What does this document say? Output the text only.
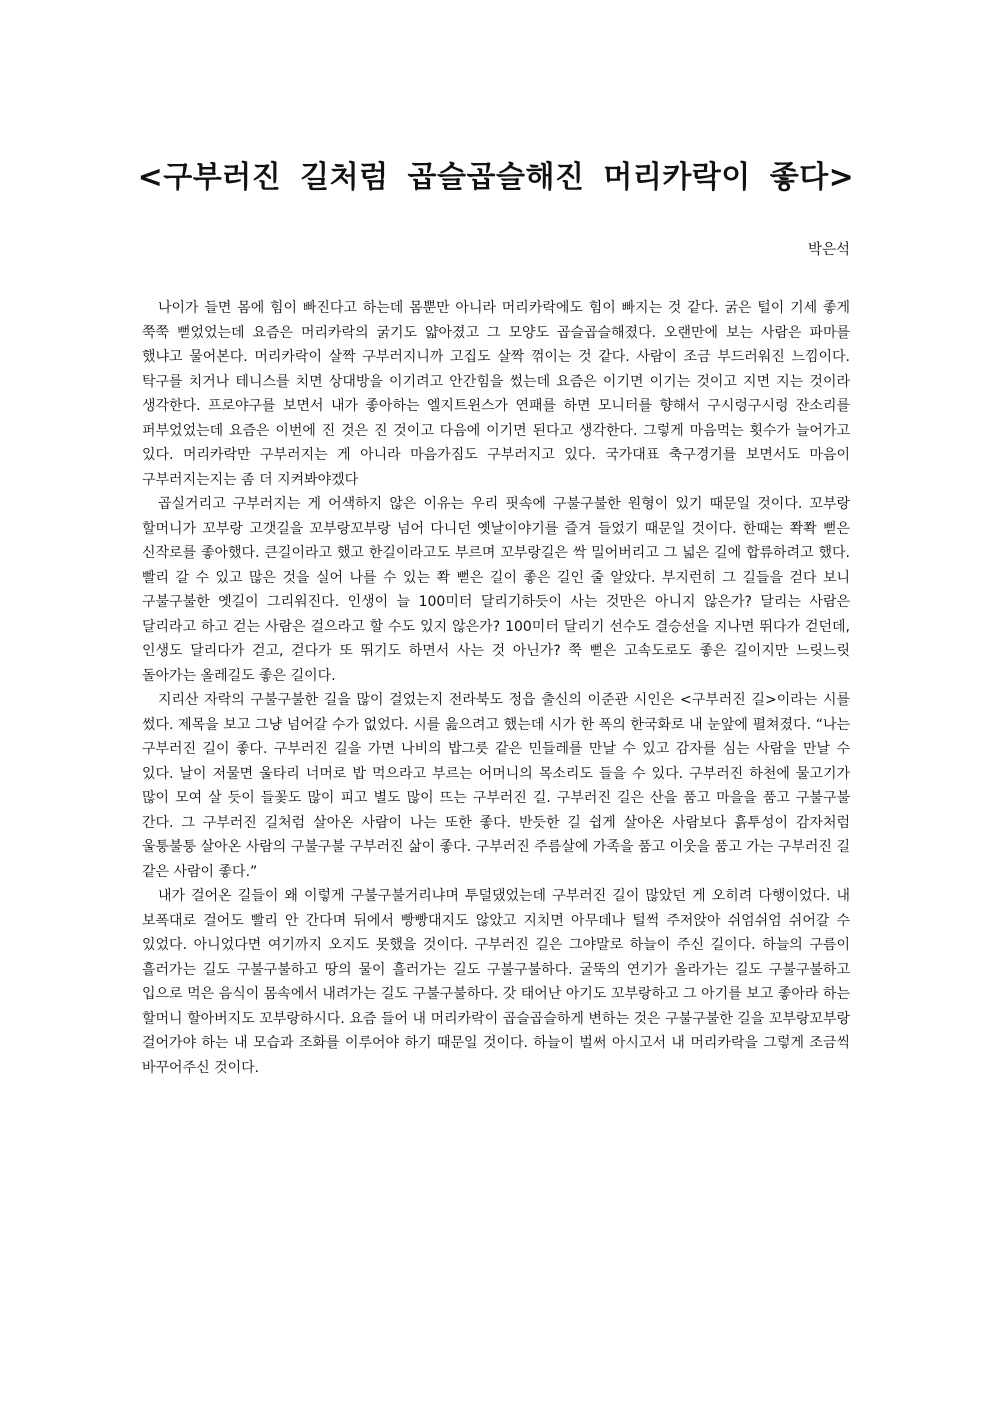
<구부러진 길처럼 곱슬곱슬해진 머리카락이 좋다>

박은석

나이가 들면 몸에 힘이 빠진다고 하는데 몸뿐만 아니라 머리카락에도 힘이 빠지는 것 같다. 굵은 털이 기세 좋게 쭉쭉 뻗었었는데 요즘은 머리카락의 굵기도 얇아졌고 그 모양도 곱슬곱슬해졌다. 오랜만에 보는 사람은 파마를 했냐고 물어본다. 머리카락이 살짝 구부러지니까 고집도 살짝 꺾이는 것 같다. 사람이 조금 부드러워진 느낌이다. 탁구를 치거나 테니스를 치면 상대방을 이기려고 안간힘을 썼는데 요즘은 이기면 이기는 것이고 지면 지는 것이라 생각한다. 프로야구를 보면서 내가 좋아하는 엘지트윈스가 연패를 하면 모니터를 향해서 구시렁구시렁 잔소리를 퍼부었었는데 요즘은 이번에 진 것은 진 것이고 다음에 이기면 된다고 생각한다. 그렇게 마음먹는 횟수가 늘어가고 있다. 머리카락만 구부러지는 게 아니라 마음가짐도 구부러지고 있다. 국가대표 축구경기를 보면서도 마음이 구부러지는지는 좀 더 지켜봐야겠다

곱실거리고 구부러지는 게 어색하지 않은 이유는 우리 핏속에 구불구불한 원형이 있기 때문일 것이다. 꼬부랑 할머니가 꼬부랑 고갯길을 꼬부랑꼬부랑 넘어 다니던 옛날이야기를 즐겨 들었기 때문일 것이다. 한때는 쫙쫙 뻗은 신작로를 좋아했다. 큰길이라고 했고 한길이라고도 부르며 꼬부랑길은 싹 밀어버리고 그 넓은 길에 합류하려고 했다. 빨리 갈 수 있고 많은 것을 실어 나를 수 있는 쫙 뻗은 길이 좋은 길인 줄 알았다. 부지런히 그 길들을 걷다 보니 구불구불한 옛길이 그리워진다. 인생이 늘 100미터 달리기하듯이 사는 것만은 아니지 않은가? 달리는 사람은 달리라고 하고 걷는 사람은 걸으라고 할 수도 있지 않은가? 100미터 달리기 선수도 결승선을 지나면 뛰다가 걷던데, 인생도 달리다가 걷고, 걷다가 또 뛰기도 하면서 사는 것 아닌가? 쭉 뻗은 고속도로도 좋은 길이지만 느릿느릿 돌아가는 올레길도 좋은 길이다.

지리산 자락의 구불구불한 길을 많이 걸었는지 전라북도 정읍 출신의 이준관 시인은 <구부러진 길>이라는 시를 썼다. 제목을 보고 그냥 넘어갈 수가 없었다. 시를 읊으려고 했는데 시가 한 폭의 한국화로 내 눈앞에 펼쳐졌다. “나는 구부러진 길이 좋다. 구부러진 길을 가면 나비의 밥그릇 같은 민들레를 만날 수 있고 감자를 심는 사람을 만날 수 있다. 날이 저물면 울타리 너머로 밥 먹으라고 부르는 어머니의 목소리도 들을 수 있다. 구부러진 하천에 물고기가 많이 모여 살 듯이 들꽃도 많이 피고 별도 많이 뜨는 구부러진 길. 구부러진 길은 산을 품고 마을을 품고 구불구불 간다. 그 구부러진 길처럼 살아온 사람이 나는 또한 좋다. 반듯한 길 쉽게 살아온 사람보다 흙투성이 감자처럼 울퉁불퉁 살아온 사람의 구불구불 구부러진 삶이 좋다. 구부러진 주름살에 가족을 품고 이웃을 품고 가는 구부러진 길 같은 사람이 좋다.”

내가 걸어온 길들이 왜 이렇게 구불구불거리냐며 투덜댔었는데 구부러진 길이 많았던 게 오히려 다행이었다. 내 보폭대로 걸어도 빨리 안 간다며 뒤에서 빵빵대지도 않았고 지치면 아무데나 털썩 주저앉아 쉬엄쉬엄 쉬어갈 수 있었다. 아니었다면 여기까지 오지도 못했을 것이다. 구부러진 길은 그야말로 하늘이 주신 길이다. 하늘의 구름이 흘러가는 길도 구불구불하고 땅의 물이 흘러가는 길도 구불구불하다. 굴뚝의 연기가 올라가는 길도 구불구불하고 입으로 먹은 음식이 몸속에서 내려가는 길도 구불구불하다. 갓 태어난 아기도 꼬부랑하고 그 아기를 보고 좋아라 하는 할머니 할아버지도 꼬부랑하시다. 요즘 들어 내 머리카락이 곱슬곱슬하게 변하는 것은 구불구불한 길을 꼬부랑꼬부랑 걸어가야 하는 내 모습과 조화를 이루어야 하기 때문일 것이다. 하늘이 벌써 아시고서 내 머리카락을 그렇게 조금씩 바꾸어주신 것이다.
